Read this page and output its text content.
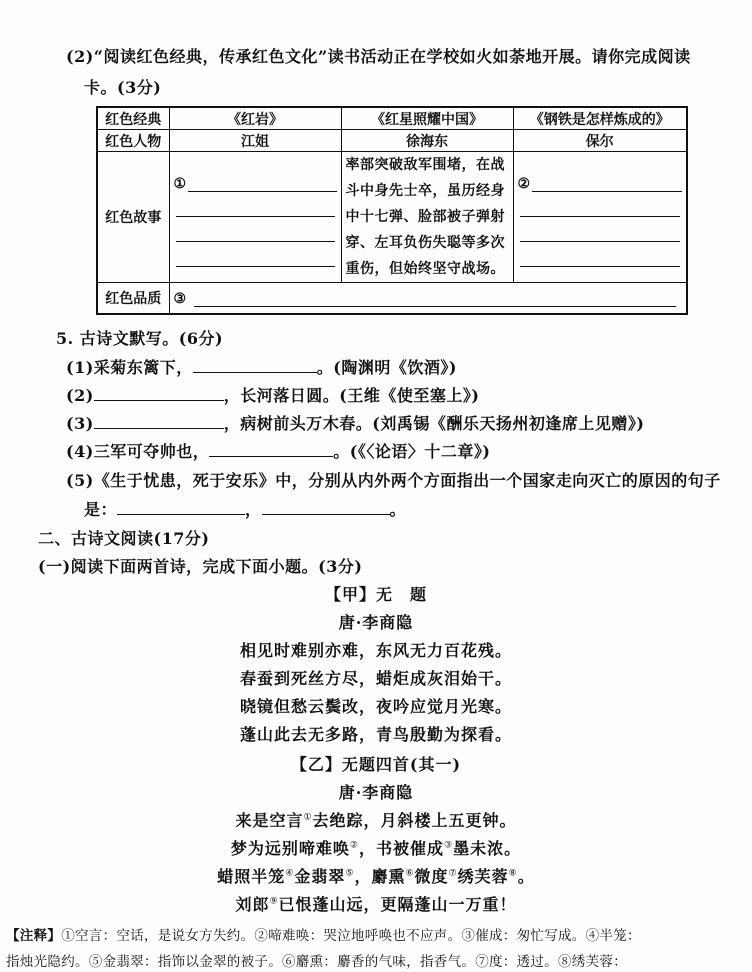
(2)“阅读红色经典，传承红色文化”读书活动正在学校如火如荼地开展。请你完成阅读
卡。(3分)
红色经典	《红岩》	《红星照耀中国》	《钢铁是怎样炼成的》
红色人物	江姐	徐海东	保尔
红色故事	①	率部突破敌军围堵，在战斗中身先士卒，虽历经身中十七弹、脸部被子弹射穿、左耳负伤失聪等多次重伤，但始终坚守战场。	②

红色品质	③		
5. 古诗文默写。(6分)
(1)采菊东篱下，	。(陶渊明《饮酒》)
(2)	，长河落日圆。(王维《使至塞上》)
(3)	，病树前头万木春。(刘禹锡《酬乐天扬州初逢席上见赠》)
(4)三军可夺帅也，	。(《〈论语〉十二章》)
(5)《生于忧患，死于安乐》中，分别从内外两个方面指出一个国家走向灭亡的原因的句子
是：	，	。
二、古诗文阅读(17分)
(一)阅读下面两首诗，完成下面小题。(3分)
【甲】无　题
唐·李商隐
相见时难别亦难，东风无力百花残。
春蚕到死丝方尽，蜡炬成灰泪始干。
晓镜但愁云鬓改，夜吟应觉月光寒。
蓬山此去无多路，青鸟殷勤为探看。
【乙】无题四首(其一)
唐·李商隐
来是空言①去绝踪，月斜楼上五更钟。
梦为远别啼难唤②，书被催成③墨未浓。
蜡照半笼④金翡翠⑤，麝熏⑥微度⑦绣芙蓉⑧。
刘郎⑨已恨蓬山远，更隔蓬山一万重！
【注释】①空言：空话，是说女方失约。②啼难唤：哭泣地呼唤也不应声。③催成：匆忙写成。④半笼：
指烛光隐约。⑤金翡翠：指饰以金翠的被子。⑥麝熏：麝香的气味，指香气。⑦度：透过。⑧绣芙蓉：
